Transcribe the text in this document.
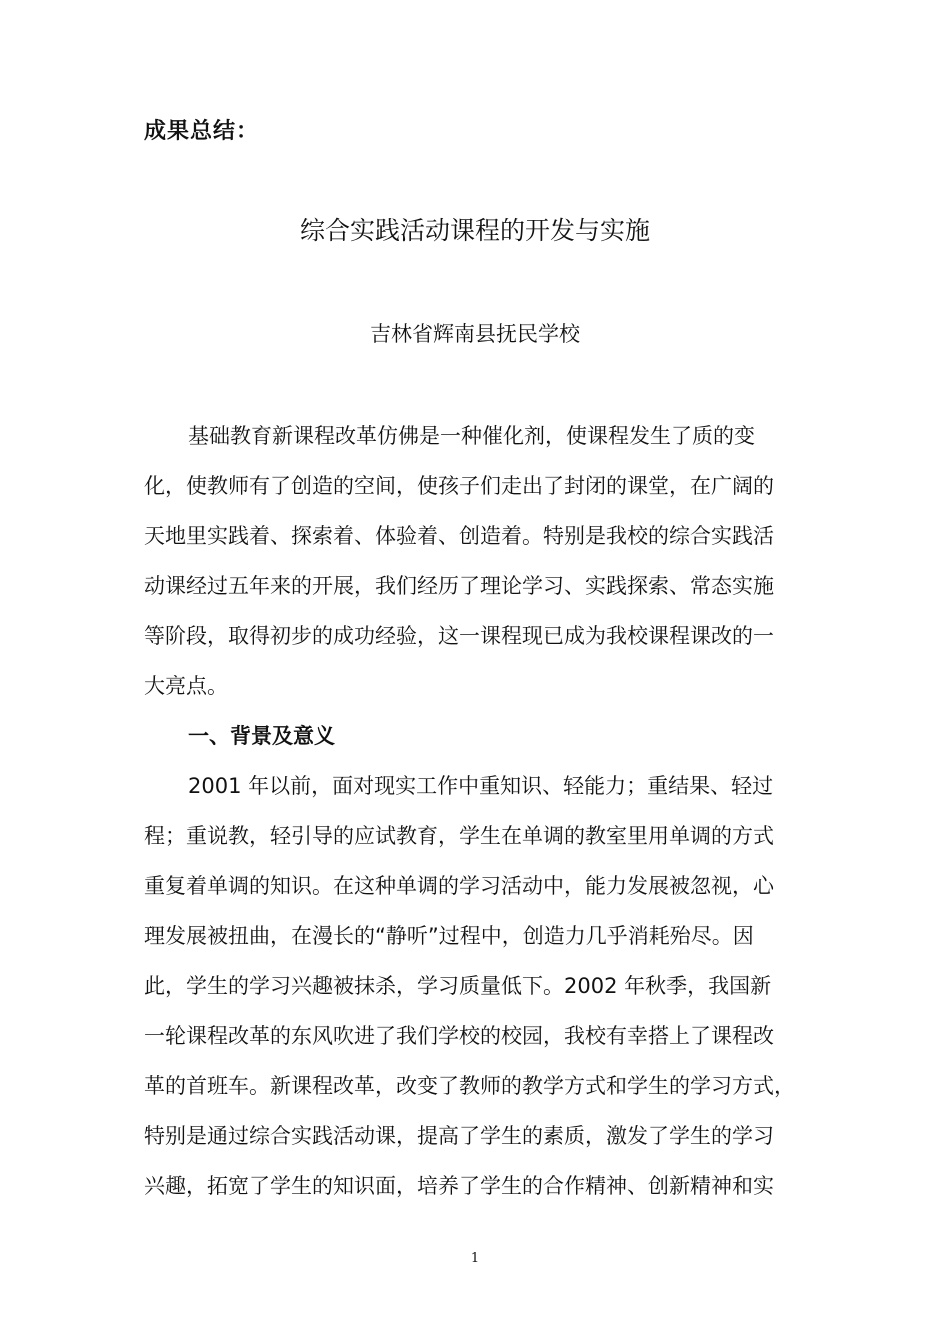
成果总结：

综合实践活动课程的开发与实施

吉林省辉南县抚民学校

基础教育新课程改革仿佛是一种催化剂，使课程发生了质的变
化，使教师有了创造的空间，使孩子们走出了封闭的课堂，在广阔的
天地里实践着、探索着、体验着、创造着。特别是我校的综合实践活
动课经过五年来的开展，我们经历了理论学习、实践探索、常态实施
等阶段，取得初步的成功经验，这一课程现已成为我校课程课改的一
大亮点。
一、背景及意义
2001 年以前，面对现实工作中重知识、轻能力；重结果、轻过
程；重说教，轻引导的应试教育，学生在单调的教室里用单调的方式
重复着单调的知识。在这种单调的学习活动中，能力发展被忽视，心
理发展被扭曲，在漫长的“静听”过程中，创造力几乎消耗殆尽。因
此，学生的学习兴趣被抹杀，学习质量低下。2002 年秋季，我国新
一轮课程改革的东风吹进了我们学校的校园，我校有幸搭上了课程改
革的首班车。新课程改革，改变了教师的教学方式和学生的学习方式，
特别是通过综合实践活动课，提高了学生的素质，激发了学生的学习
兴趣，拓宽了学生的知识面，培养了学生的合作精神、创新精神和实
1
